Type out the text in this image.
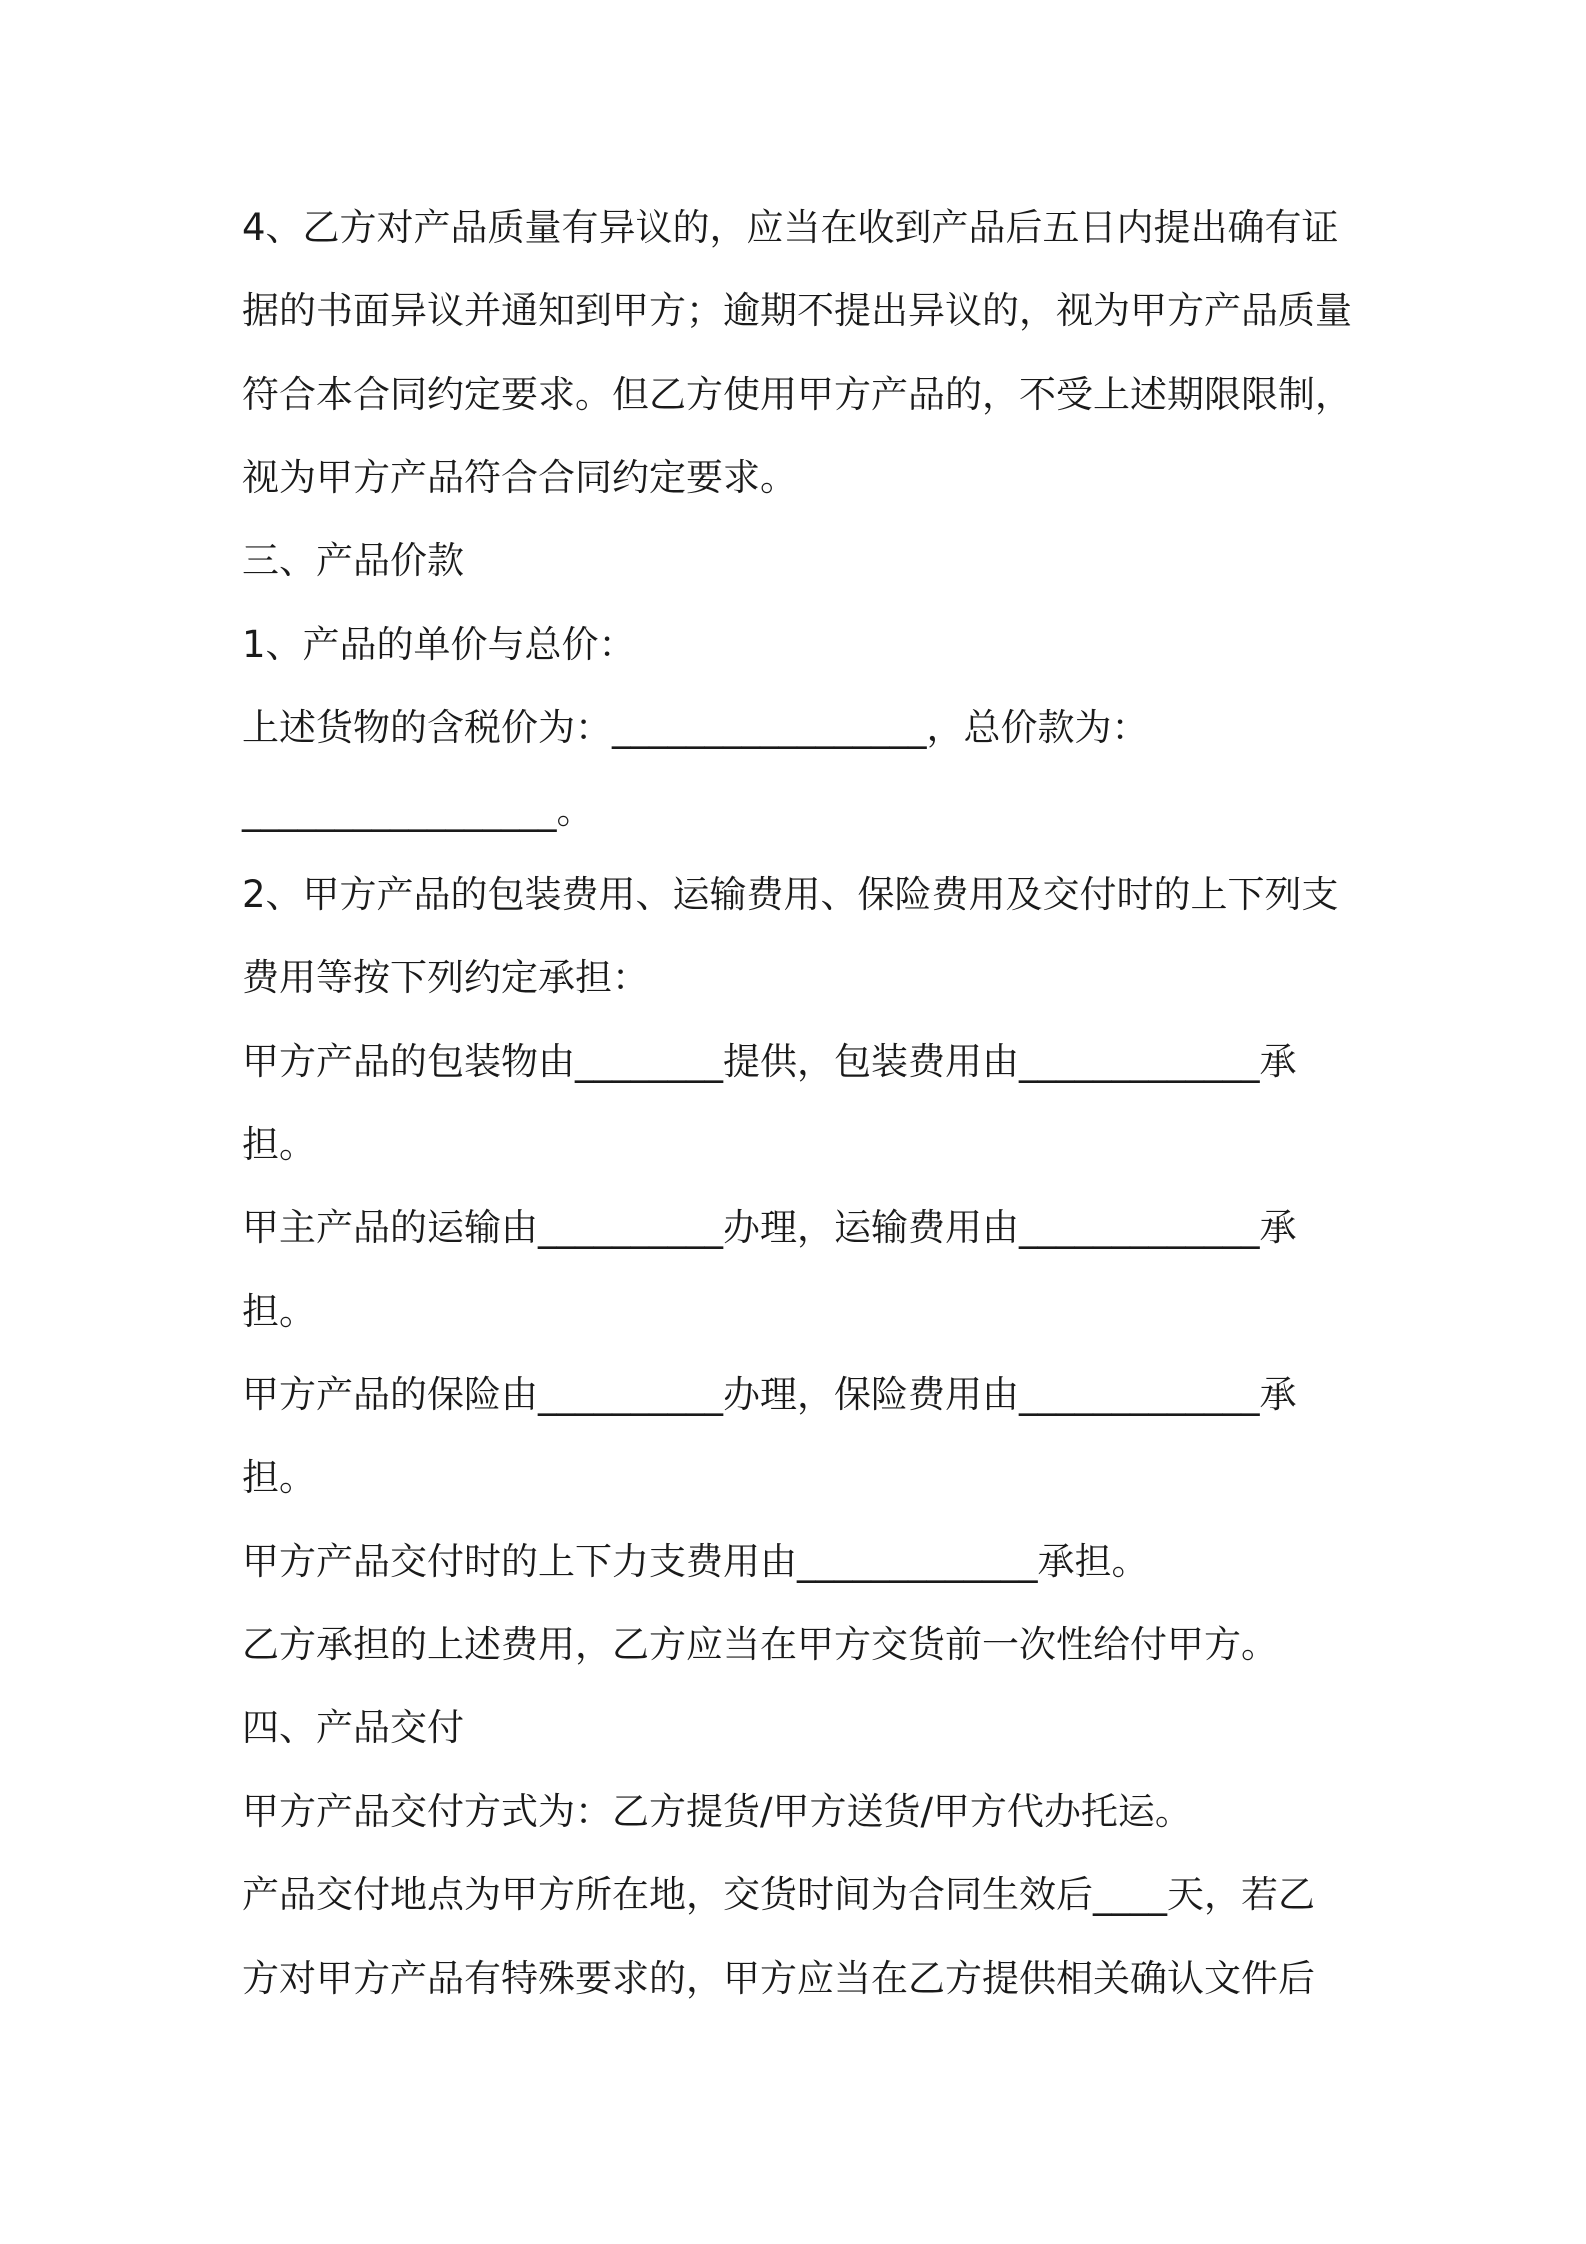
4、乙方对产品质量有异议的，应当在收到产品后五日内提出确有证

据的书面异议并通知到甲方；逾期不提出异议的，视为甲方产品质量

符合本合同约定要求。但乙方使用甲方产品的，不受上述期限限制，

视为甲方产品符合合同约定要求。

三、产品价款

1、产品的单价与总价：

上述货物的含税价为：_________________，总价款为：

_________________。

2、甲方产品的包装费用、运输费用、保险费用及交付时的上下列支

费用等按下列约定承担：

甲方产品的包装物由________提供，包装费用由_____________承

担。

甲主产品的运输由__________办理，运输费用由_____________承

担。

甲方产品的保险由__________办理，保险费用由_____________承

担。

甲方产品交付时的上下力支费用由_____________承担。

乙方承担的上述费用，乙方应当在甲方交货前一次性给付甲方。

四、产品交付

甲方产品交付方式为：乙方提货/甲方送货/甲方代办托运。

产品交付地点为甲方所在地，交货时间为合同生效后____天，若乙

方对甲方产品有特殊要求的，甲方应当在乙方提供相关确认文件后
